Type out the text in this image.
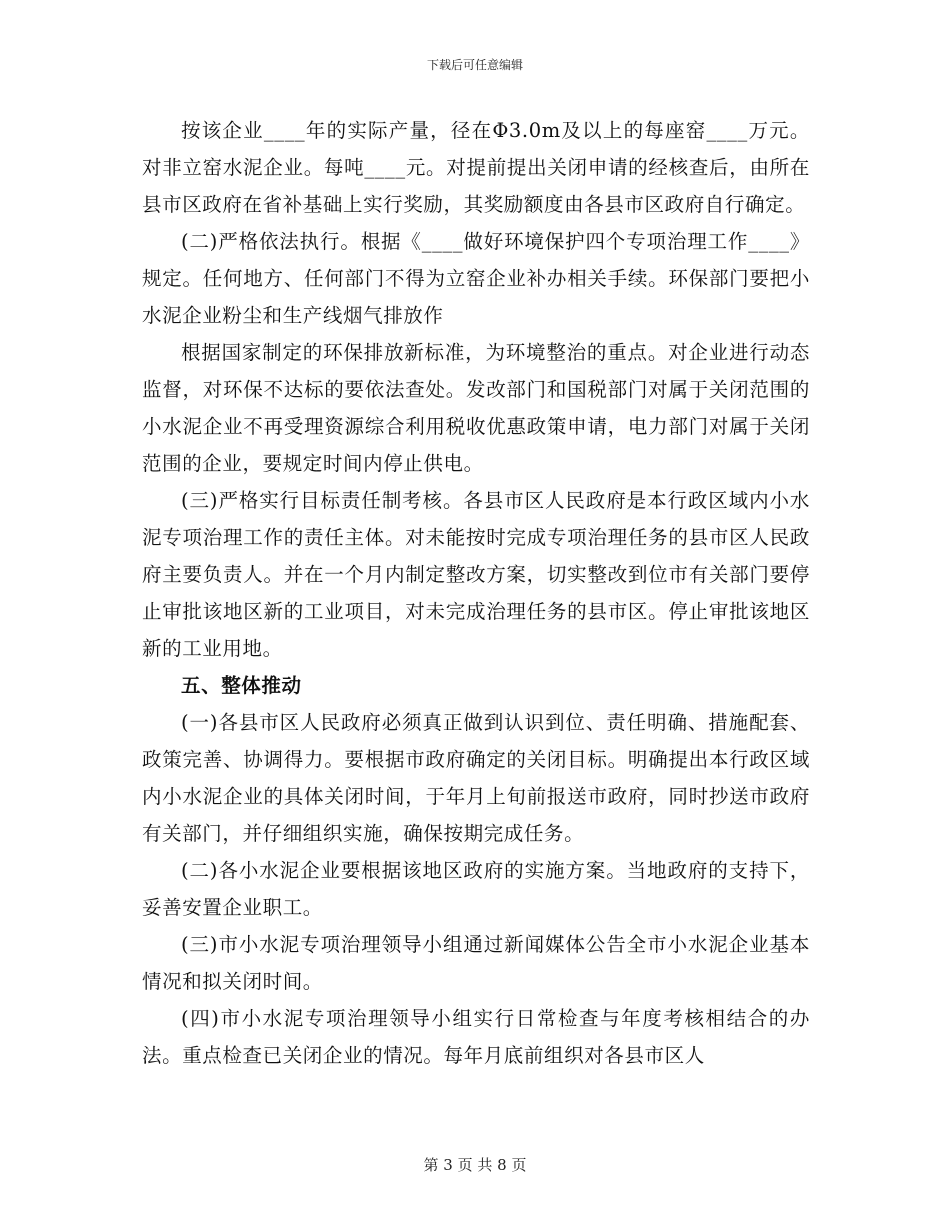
下载后可任意编辑

按该企业____年的实际产量，径在Φ3.0m及以上的每座窑____万元。对非立窑水泥企业。每吨____元。对提前提出关闭申请的经核查后，由所在县市区政府在省补基础上实行奖励，其奖励额度由各县市区政府自行确定。

(二)严格依法执行。根据《____做好环境保护四个专项治理工作____》规定。任何地方、任何部门不得为立窑企业补办相关手续。环保部门要把小水泥企业粉尘和生产线烟气排放作

根据国家制定的环保排放新标准，为环境整治的重点。对企业进行动态监督，对环保不达标的要依法查处。发改部门和国税部门对属于关闭范围的小水泥企业不再受理资源综合利用税收优惠政策申请，电力部门对属于关闭范围的企业，要规定时间内停止供电。

(三)严格实行目标责任制考核。各县市区人民政府是本行政区域内小水泥专项治理工作的责任主体。对未能按时完成专项治理任务的县市区人民政府主要负责人。并在一个月内制定整改方案，切实整改到位市有关部门要停止审批该地区新的工业项目，对未完成治理任务的县市区。停止审批该地区新的工业用地。

五、整体推动

(一)各县市区人民政府必须真正做到认识到位、责任明确、措施配套、政策完善、协调得力。要根据市政府确定的关闭目标。明确提出本行政区域内小水泥企业的具体关闭时间，于年月上旬前报送市政府，同时抄送市政府有关部门，并仔细组织实施，确保按期完成任务。

(二)各小水泥企业要根据该地区政府的实施方案。当地政府的支持下，妥善安置企业职工。

(三)市小水泥专项治理领导小组通过新闻媒体公告全市小水泥企业基本情况和拟关闭时间。

(四)市小水泥专项治理领导小组实行日常检查与年度考核相结合的办法。重点检查已关闭企业的情况。每年月底前组织对各县市区人

第 3 页 共 8 页
